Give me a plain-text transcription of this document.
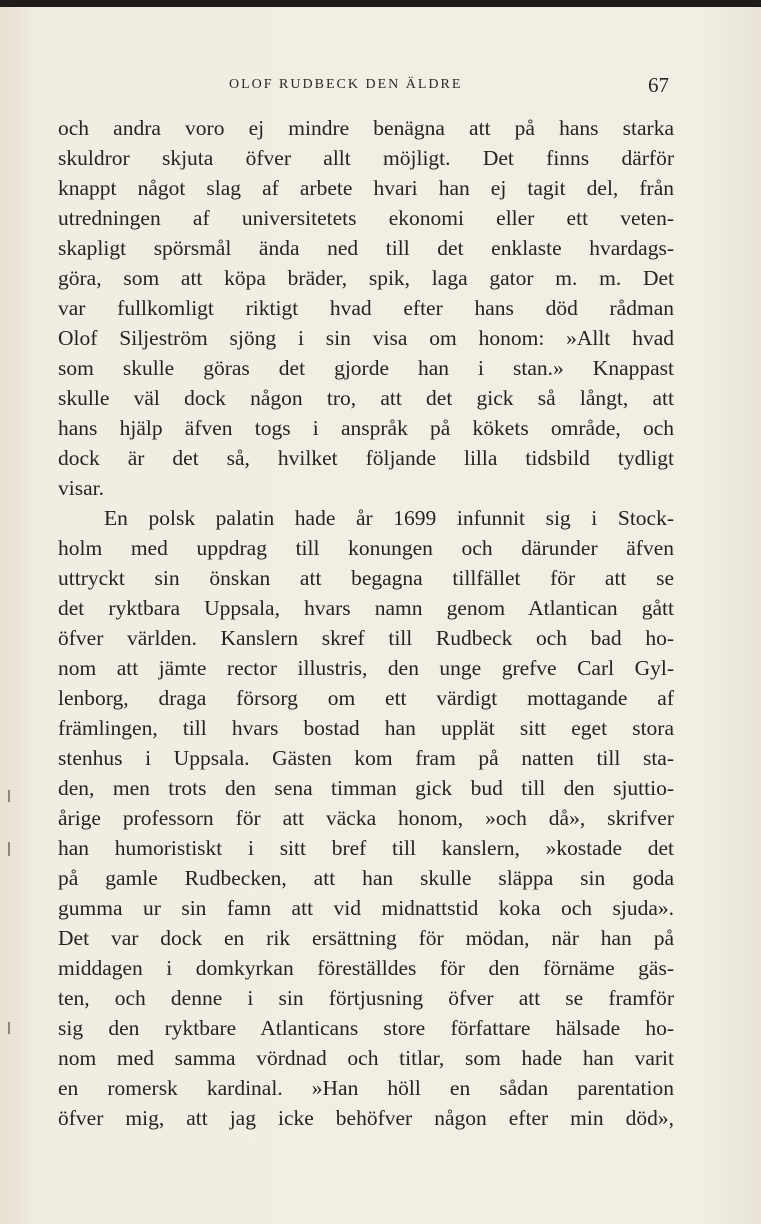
OLOF RUDBECK DEN ÄLDRE	67
och andra voro ej mindre benägna att på hans starka
skuldror skjuta öfver allt möjligt. Det finns därför
knappt något slag af arbete hvari han ej tagit del, från
utredningen af universitetets ekonomi eller ett veten-
skapligt spörsmål ända ned till det enklaste hvardags-
göra, som att köpa bräder, spik, laga gator m. m. Det
var fullkomligt riktigt hvad efter hans död rådman
Olof Siljeström sjöng i sin visa om honom: »Allt hvad
som skulle göras det gjorde han i stan.» Knappast
skulle väl dock någon tro, att det gick så långt, att
hans hjälp äfven togs i anspråk på kökets område, och
dock är det så, hvilket följande lilla tidsbild tydligt
visar.
En polsk palatin hade år 1699 infunnit sig i Stock-
holm med uppdrag till konungen och därunder äfven
uttryckt sin önskan att begagna tillfället för att se
det ryktbara Uppsala, hvars namn genom Atlantican gått
öfver världen. Kanslern skref till Rudbeck och bad ho-
nom att jämte rector illustris, den unge grefve Carl Gyl-
lenborg, draga försorg om ett värdigt mottagande af
främlingen, till hvars bostad han upplät sitt eget stora
stenhus i Uppsala. Gästen kom fram på natten till sta-
den, men trots den sena timman gick bud till den sjuttio-
årige professorn för att väcka honom, »och då», skrifver
han humoristiskt i sitt bref till kanslern, »kostade det
på gamle Rudbecken, att han skulle släppa sin goda
gumma ur sin famn att vid midnattstid koka och sjuda».
Det var dock en rik ersättning för mödan, när han på
middagen i domkyrkan föreställdes för den förnäme gäs-
ten, och denne i sin förtjusning öfver att se framför
sig den ryktbare Atlanticans store författare hälsade ho-
nom med samma vördnad och titlar, som hade han varit
en romersk kardinal. »Han höll en sådan parentation
öfver mig, att jag icke behöfver någon efter min död»,
